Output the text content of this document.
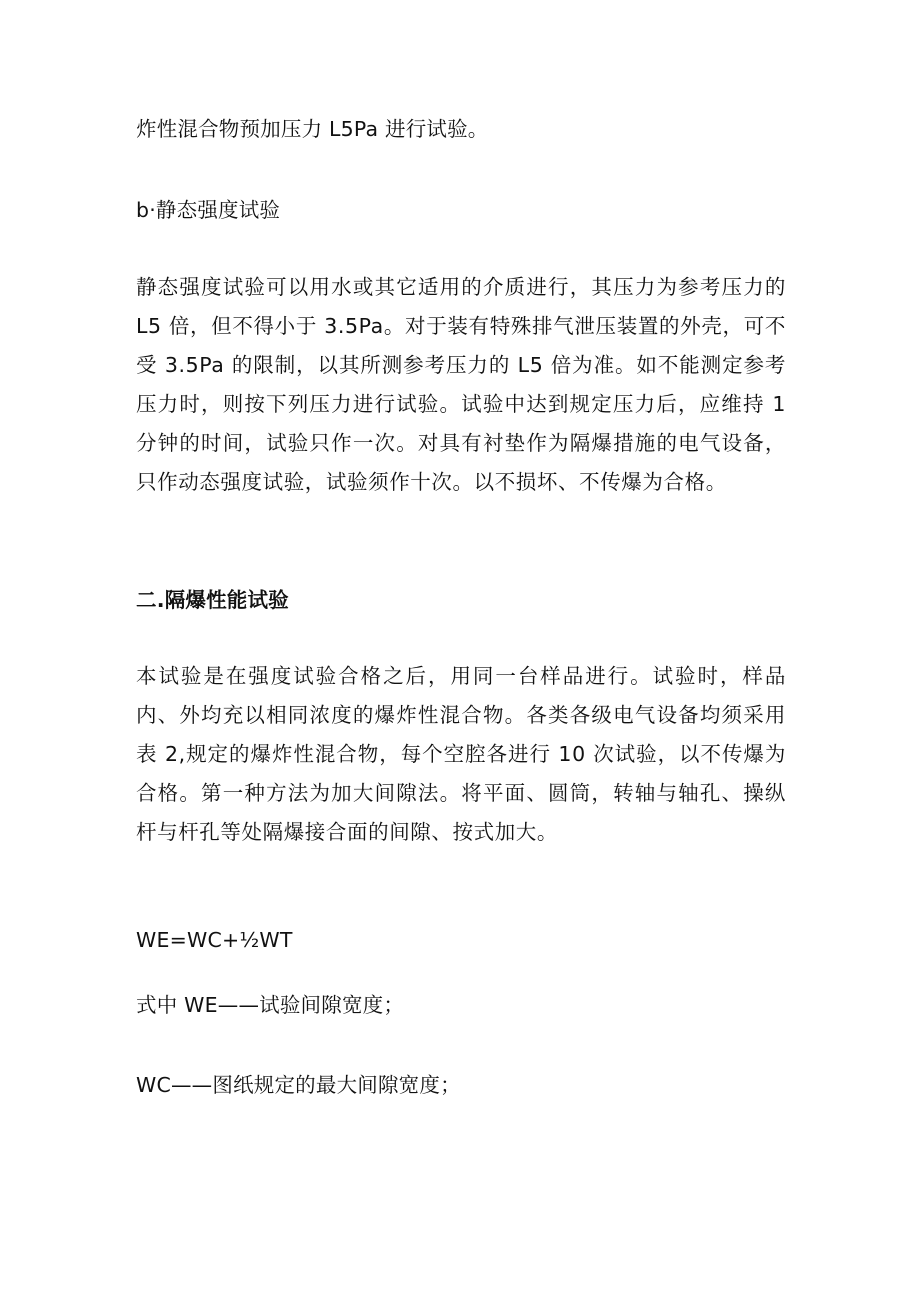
炸性混合物预加压力 L5Pa 进行试验。
b·静态强度试验
静态强度试验可以用水或其它适用的介质进行，其压力为参考压力的 L5 倍，但不得小于 3.5Pa。对于装有特殊排气泄压装置的外壳，可不受 3.5Pa 的限制，以其所测参考压力的 L5 倍为准。如不能测定参考压力时，则按下列压力进行试验。试验中达到规定压力后，应维持 1 分钟的时间，试验只作一次。对具有衬垫作为隔爆措施的电气设备，只作动态强度试验，试验须作十次。以不损坏、不传爆为合格。
二.隔爆性能试验
本试验是在强度试验合格之后，用同一台样品进行。试验时，样品内、外均充以相同浓度的爆炸性混合物。各类各级电气设备均须采用表 2,规定的爆炸性混合物，每个空腔各进行 10 次试验，以不传爆为合格。第一种方法为加大间隙法。将平面、圆筒，转轴与轴孔、操纵杆与杆孔等处隔爆接合面的间隙、按式加大。
WE=WC+½WT
式中 WE——试验间隙宽度；
WC——图纸规定的最大间隙宽度；
